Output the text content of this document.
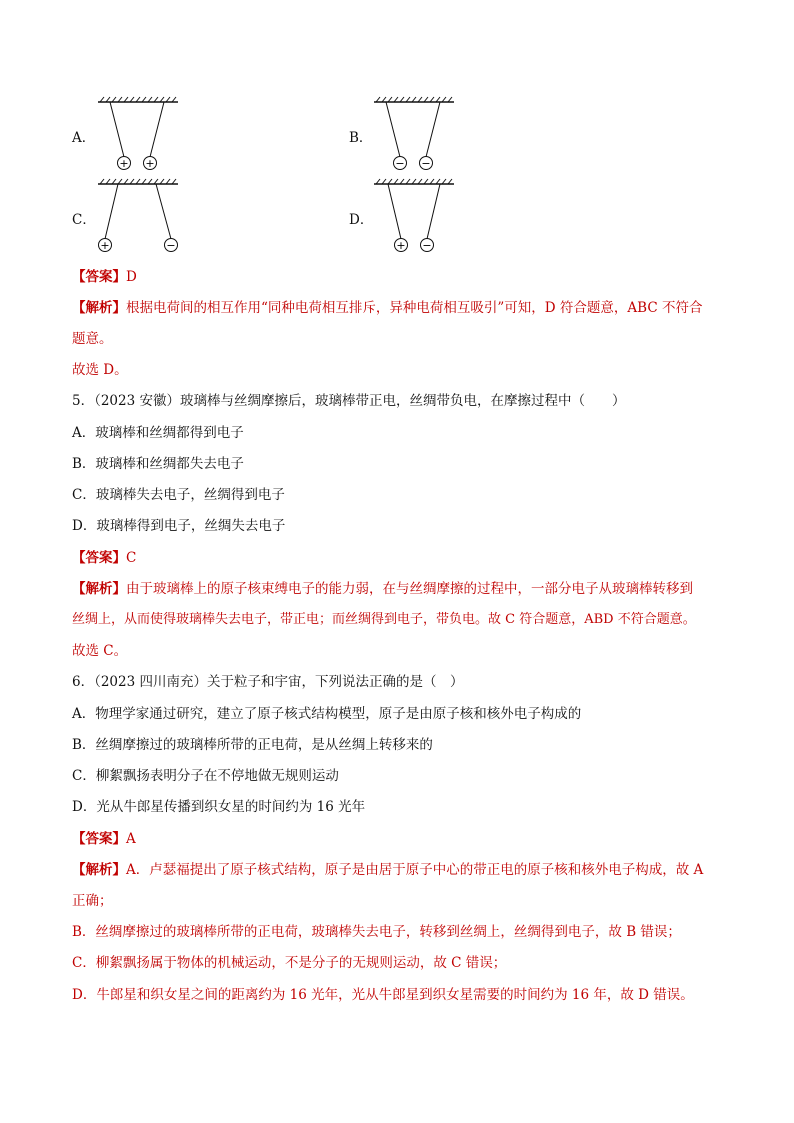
A．
+ +
B．
− −
C．
+	−
D．
+ −
【答案】D
【解析】根据电荷间的相互作用“同种电荷相互排斥，异种电荷相互吸引”可知，D 符合题意，ABC 不符合
题意。
故选 D。
5．（2023 安徽）玻璃棒与丝绸摩擦后，玻璃棒带正电，丝绸带负电，在摩擦过程中（　　）
A．玻璃棒和丝绸都得到电子
B．玻璃棒和丝绸都失去电子
C．玻璃棒失去电子，丝绸得到电子
D．玻璃棒得到电子，丝绸失去电子
【答案】C
【解析】由于玻璃棒上的原子核束缚电子的能力弱，在与丝绸摩擦的过程中，一部分电子从玻璃棒转移到
丝绸上，从而使得玻璃棒失去电子，带正电；而丝绸得到电子，带负电。故 C 符合题意，ABD 不符合题意。
故选 C。
6．（2023 四川南充）关于粒子和宇宙，下列说法正确的是（　）
A．物理学家通过研究，建立了原子核式结构模型，原子是由原子核和核外电子构成的
B．丝绸摩擦过的玻璃棒所带的正电荷，是从丝绸上转移来的
C．柳絮飘扬表明分子在不停地做无规则运动
D．光从牛郎星传播到织女星的时间约为 16 光年
【答案】A
【解析】A．卢瑟福提出了原子核式结构，原子是由居于原子中心的带正电的原子核和核外电子构成，故 A
正确；
B．丝绸摩擦过的玻璃棒所带的正电荷，玻璃棒失去电子，转移到丝绸上，丝绸得到电子，故 B 错误；
C．柳絮飘扬属于物体的机械运动，不是分子的无规则运动，故 C 错误；
D．牛郎星和织女星之间的距离约为 16 光年，光从牛郎星到织女星需要的时间约为 16 年，故 D 错误。
